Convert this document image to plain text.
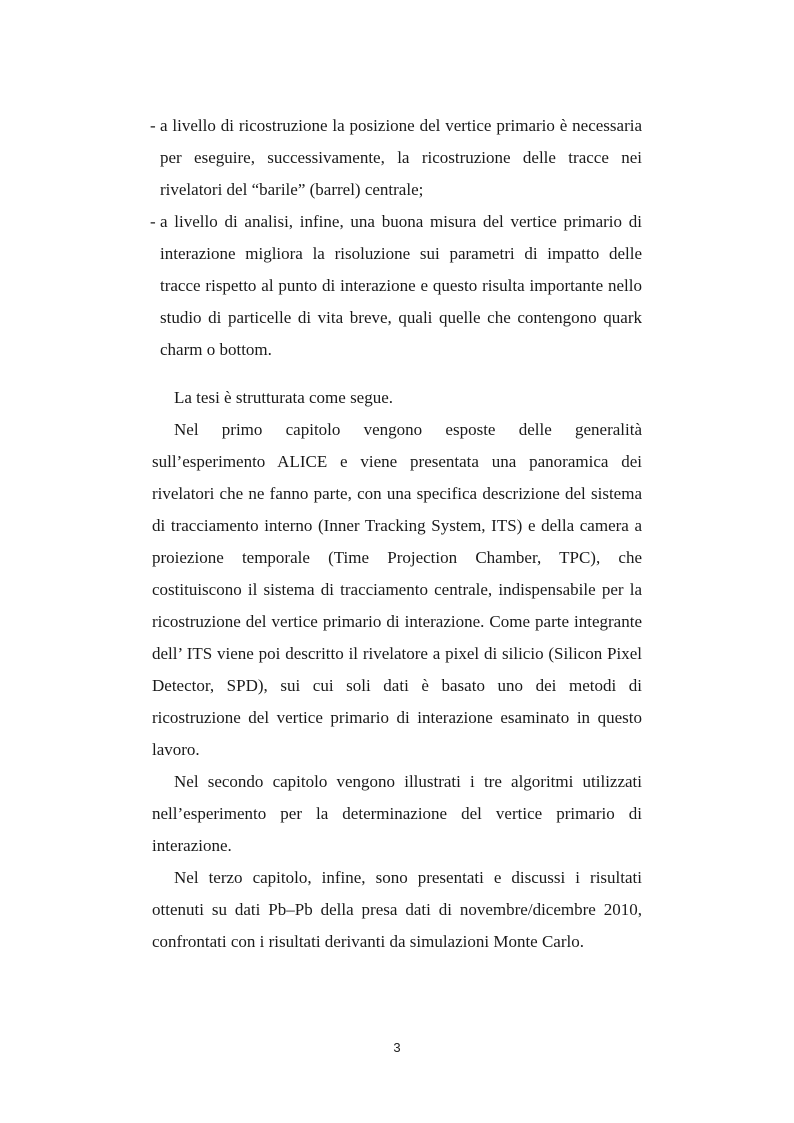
- a livello di ricostruzione la posizione del vertice primario è necessaria per eseguire, successivamente, la ricostruzione delle tracce nei rivelatori del “barile” (barrel) centrale;
- a livello di analisi, infine, una buona misura del vertice primario di interazione migliora la risoluzione sui parametri di impatto delle tracce rispetto al punto di interazione e questo risulta importante nello studio di particelle di vita breve, quali quelle che contengono quark charm o bottom.

La tesi è strutturata come segue.

Nel primo capitolo vengono esposte delle generalità sull’esperimento ALICE e viene presentata una panoramica dei rivelatori che ne fanno parte, con una specifica descrizione del sistema di tracciamento interno (Inner Tracking System, ITS) e della camera a proiezione temporale (Time Projection Chamber, TPC), che costituiscono il sistema di tracciamento centrale, indispensabile per la ricostruzione del vertice primario di interazione. Come parte integrante dell’ ITS viene poi descritto il rivelatore a pixel di silicio (Silicon Pixel Detector, SPD), sui cui soli dati è basato uno dei metodi di ricostruzione del vertice primario di interazione esaminato in questo lavoro.

Nel secondo capitolo vengono illustrati i tre algoritmi utilizzati nell’esperimento per la determinazione del vertice primario di interazione.

Nel terzo capitolo, infine, sono presentati e discussi i risultati ottenuti su dati Pb–Pb della presa dati di novembre/dicembre 2010, confrontati con i risultati derivanti da simulazioni Monte Carlo.

3
